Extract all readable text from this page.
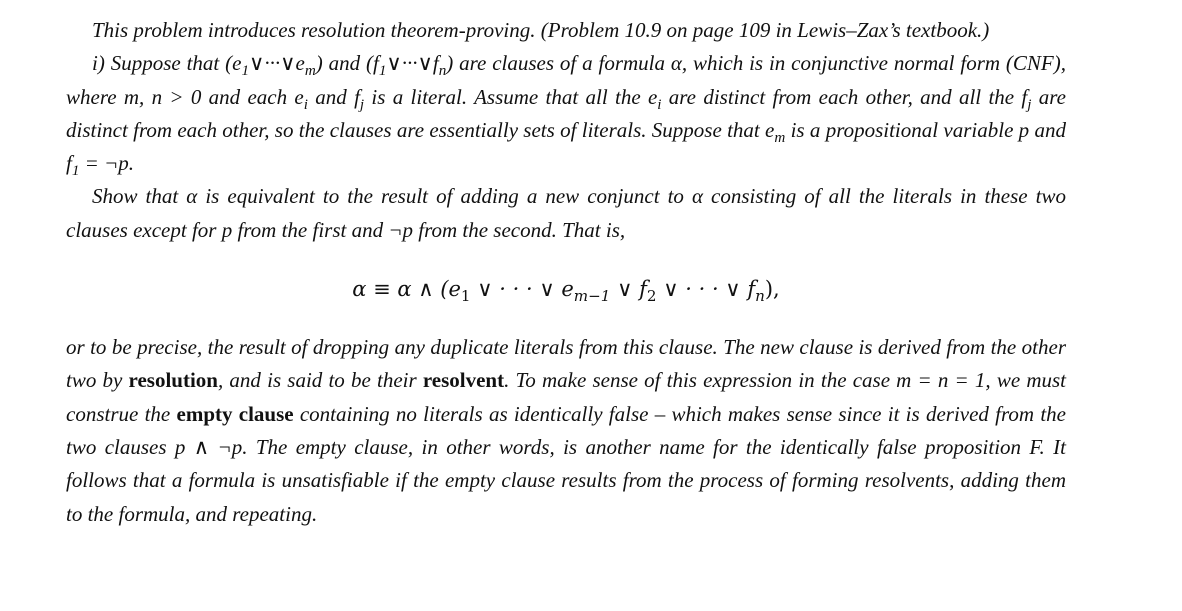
This problem introduces resolution theorem-proving. (Problem 10.9 on page 109 in Lewis–Zax’s textbook.)

i) Suppose that $(e_1\vee\cdot\cdot\cdot\vee e_m)$ and $(f_1\vee\cdot\cdot\cdot\vee f_n)$ are clauses of a formula α, which is in conjunctive normal form (CNF), where m, n > 0 and each $e_i$ and $f_j$ is a literal. Assume that all the $e_i$ are distinct from each other, and all the $f_j$ are distinct from each other, so the clauses are essentially sets of literals. Suppose that $e_m$ is a propositional variable p and $f_1$ = ¬p.

Show that α is equivalent to the result of adding a new conjunct to α consisting of all the literals in these two clauses except for p from the first and ¬p from the second. That is,

α ≡ α ∧ ($e_1$ ∨ · · · ∨ $e_{m-1}$ ∨ $f_2$ ∨ · · · ∨ $f_n$),

or to be precise, the result of dropping any duplicate literals from this clause. The new clause is derived from the other two by resolution, and is said to be their resolvent. To make sense of this expression in the case m = n = 1, we must construe the empty clause containing no literals as identically false – which makes sense since it is derived from the two clauses p ∧ ¬p. The empty clause, in other words, is another name for the identically false proposition F. It follows that a formula is unsatisfiable if the empty clause results from the process of forming resolvents, adding them to the formula, and repeating.
